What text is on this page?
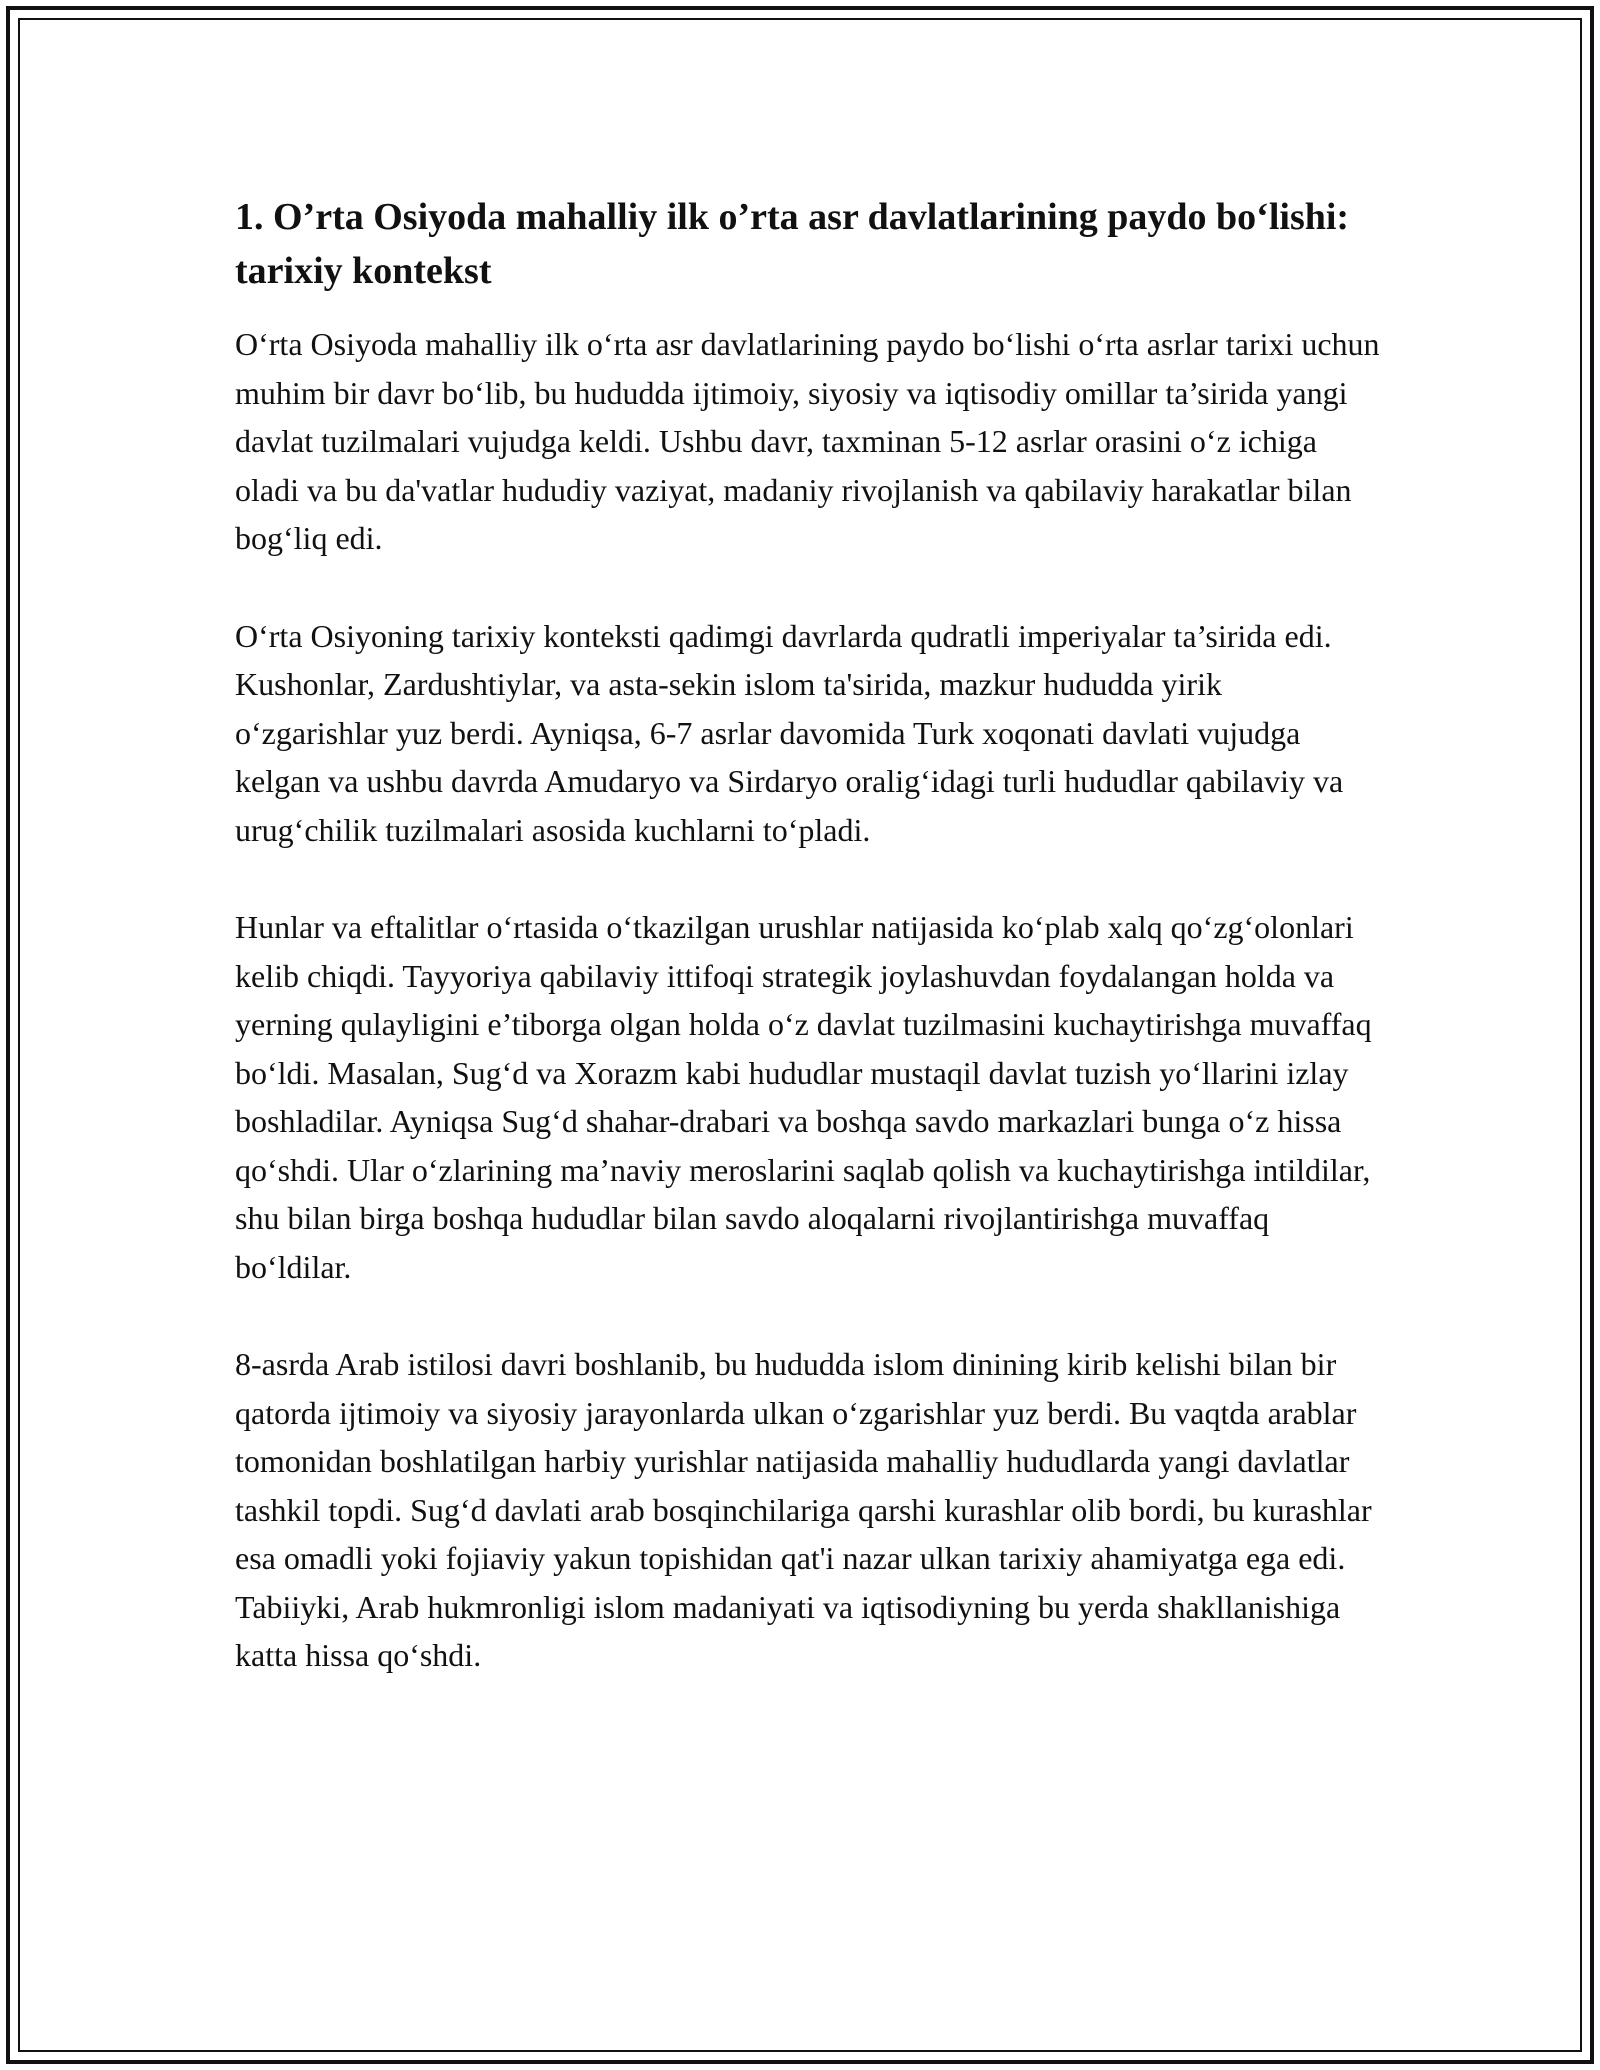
1. O’rta Osiyoda mahalliy ilk o’rta asr davlatlarining paydo bo‘lishi: tarixiy kontekst

O‘rta Osiyoda mahalliy ilk o‘rta asr davlatlarining paydo bo‘lishi o‘rta asrlar tarixi uchun muhim bir davr bo‘lib, bu hududda ijtimoiy, siyosiy va iqtisodiy omillar ta’sirida yangi davlat tuzilmalari vujudga keldi. Ushbu davr, taxminan 5-12 asrlar orasini o‘z ichiga oladi va bu da'vatlar hududiy vaziyat, madaniy rivojlanish va qabilaviy harakatlar bilan bog‘liq edi.

O‘rta Osiyoning tarixiy konteksti qadimgi davrlarda qudratli imperiyalar ta’sirida edi. Kushonlar, Zardushtiylar, va asta-sekin islom ta'sirida, mazkur hududda yirik o‘zgarishlar yuz berdi. Ayniqsa, 6-7 asrlar davomida Turk xoqonati davlati vujudga kelgan va ushbu davrda Amudaryo va Sirdaryo oralig‘idagi turli hududlar qabilaviy va urug‘chilik tuzilmalari asosida kuchlarni to‘pladi.

Hunlar va eftalitlar o‘rtasida o‘tkazilgan urushlar natijasida ko‘plab xalq qo‘zg‘olonlari kelib chiqdi. Tayyoriya qabilaviy ittifoqi strategik joylashuvdan foydalangan holda va yerning qulayligini e’tiborga olgan holda o‘z davlat tuzilmasini kuchaytirishga muvaffaq bo‘ldi. Masalan, Sug‘d va Xorazm kabi hududlar mustaqil davlat tuzish yo‘llarini izlay boshladilar. Ayniqsa Sug‘d shahar-drabari va boshqa savdo markazlari bunga o‘z hissa qo‘shdi. Ular o‘zlarining ma’naviy meroslarini saqlab qolish va kuchaytirishga intildilar, shu bilan birga boshqa hududlar bilan savdo aloqalarni rivojlantirishga muvaffaq bo‘ldilar.

8-asrda Arab istilosi davri boshlanib, bu hududda islom dinining kirib kelishi bilan bir qatorda ijtimoiy va siyosiy jarayonlarda ulkan o‘zgarishlar yuz berdi. Bu vaqtda arablar tomonidan boshlatilgan harbiy yurishlar natijasida mahalliy hududlarda yangi davlatlar tashkil topdi. Sug‘d davlati arab bosqinchilariga qarshi kurashlar olib bordi, bu kurashlar esa omadli yoki fojiaviy yakun topishidan qat'i nazar ulkan tarixiy ahamiyatga ega edi. Tabiiyki, Arab hukmronligi islom madaniyati va iqtisodiyning bu yerda shakllanishiga katta hissa qo‘shdi.
